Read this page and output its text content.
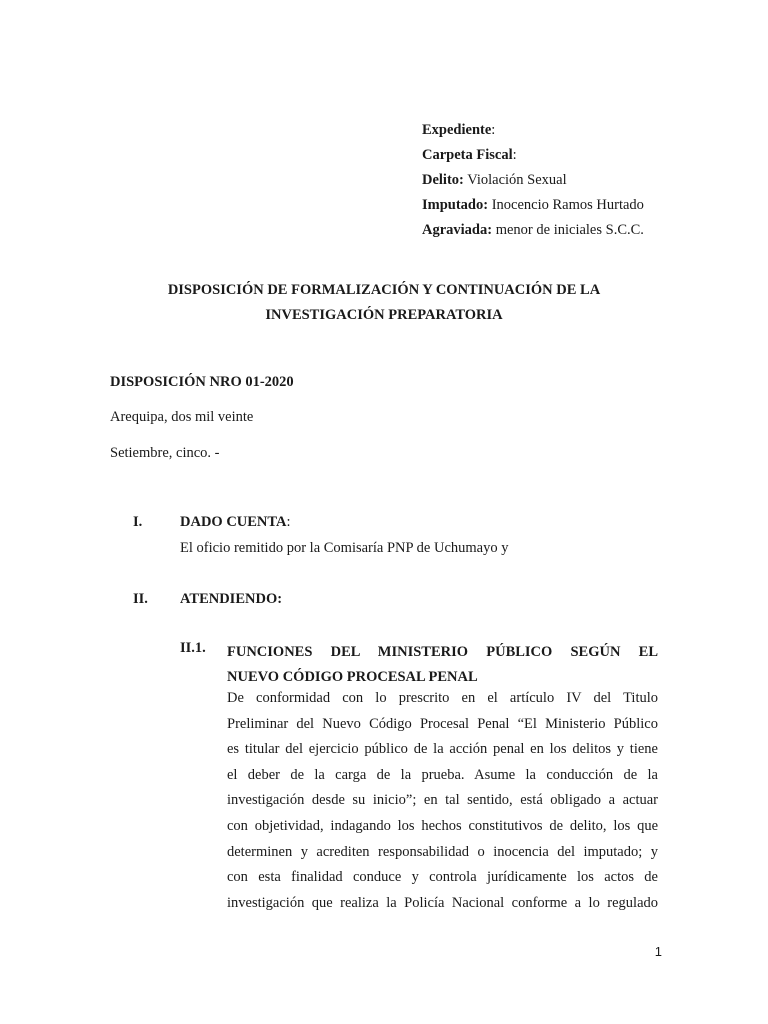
Expediente:
Carpeta Fiscal:
Delito: Violación Sexual
Imputado: Inocencio Ramos Hurtado
Agraviada: menor de iniciales S.C.C.
DISPOSICIÓN DE FORMALIZACIÓN Y CONTINUACIÓN DE LA
INVESTIGACIÓN PREPARATORIA
DISPOSICIÓN NRO 01-2020
Arequipa, dos mil veinte
Setiembre, cinco. -
I.	DADO CUENTA:
El oficio remitido por la Comisaría PNP de Uchumayo y
II. ATENDIENDO:
II.1. FUNCIONES DEL MINISTERIO PÚBLICO SEGÚN EL
NUEVO CÓDIGO PROCESAL PENAL
De conformidad con lo prescrito en el artículo IV del Titulo
Preliminar del Nuevo Código Procesal Penal “El Ministerio Público
es titular del ejercicio público de la acción penal en los delitos y tiene
el deber de la carga de la prueba. Asume la conducción de la
investigación desde su inicio”; en tal sentido, está obligado a actuar
con objetividad, indagando los hechos constitutivos de delito, los que
determinen y acrediten responsabilidad o inocencia del imputado; y
con esta finalidad conduce y controla jurídicamente los actos de
investigación que realiza la Policía Nacional conforme a lo regulado
1
